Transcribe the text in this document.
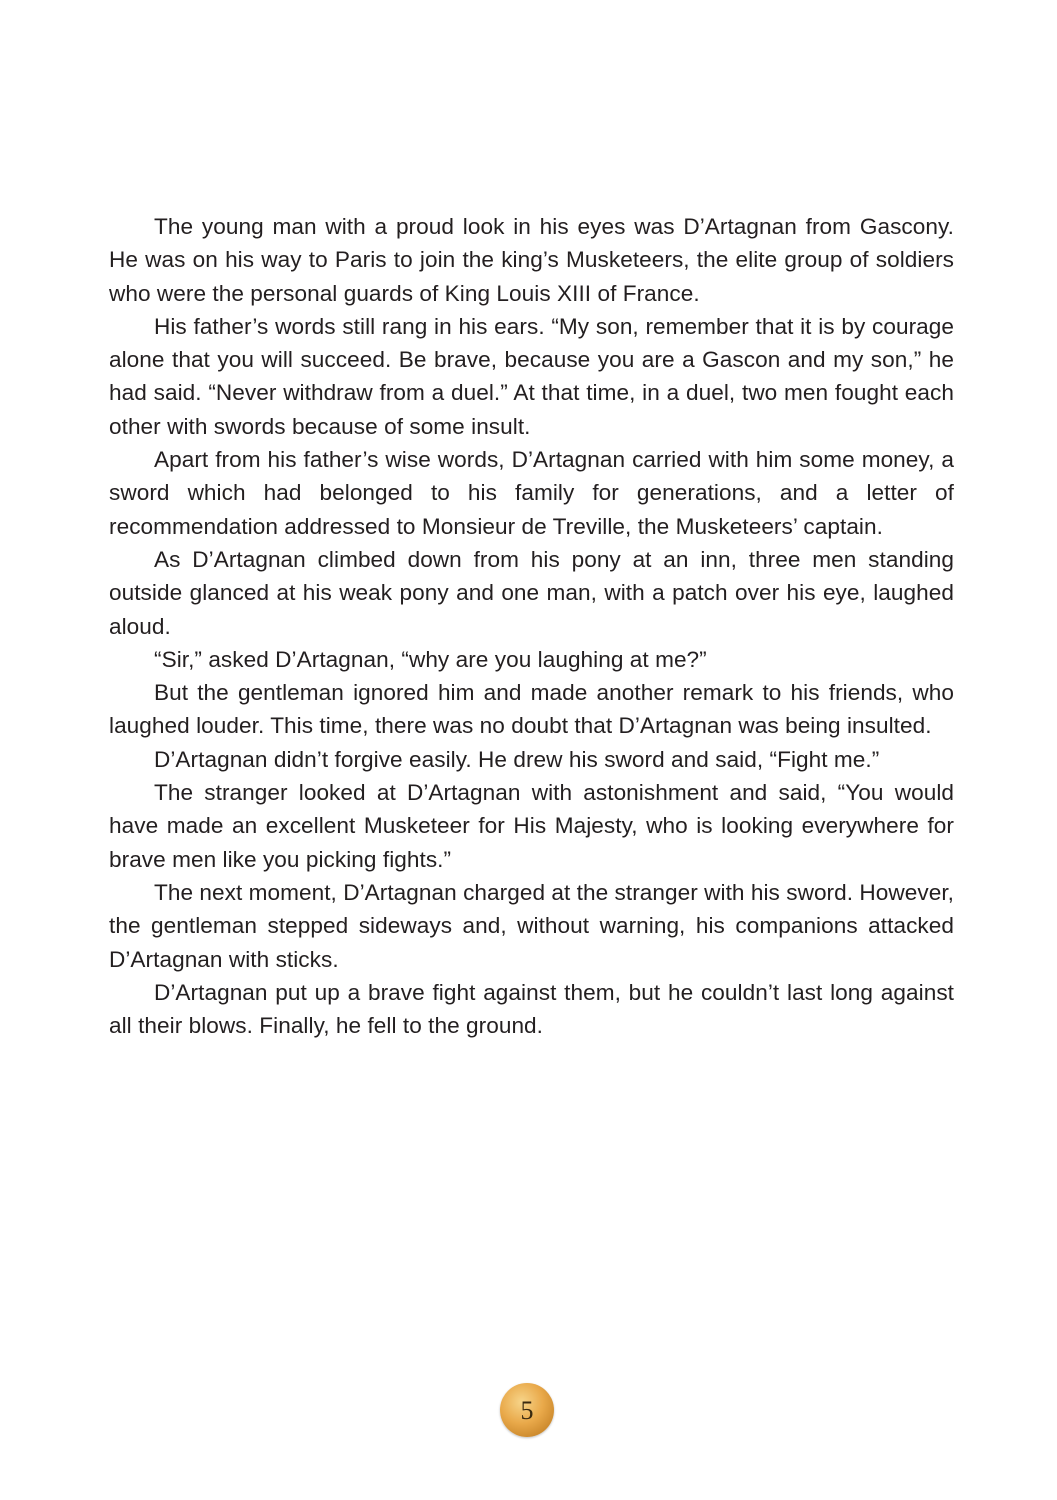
The young man with a proud look in his eyes was D’Artagnan from Gascony. He was on his way to Paris to join the king’s Musketeers, the elite group of soldiers who were the personal guards of King Louis XIII of France.

His father’s words still rang in his ears. “My son, remember that it is by courage alone that you will succeed. Be brave, because you are a Gascon and my son,” he had said. “Never withdraw from a duel.” At that time, in a duel, two men fought each other with swords because of some insult.

Apart from his father’s wise words, D’Artagnan carried with him some money, a sword which had belonged to his family for generations, and a letter of recommendation addressed to Monsieur de Treville, the Musketeers’ captain.

As D’Artagnan climbed down from his pony at an inn, three men standing outside glanced at his weak pony and one man, with a patch over his eye, laughed aloud.

“Sir,” asked D’Artagnan, “why are you laughing at me?”

But the gentleman ignored him and made another remark to his friends, who laughed louder. This time, there was no doubt that D’Artagnan was being insulted.

D’Artagnan didn’t forgive easily. He drew his sword and said, “Fight me.”

The stranger looked at D’Artagnan with astonishment and said, “You would have made an excellent Musketeer for His Majesty, who is looking everywhere for brave men like you picking fights.”

The next moment, D’Artagnan charged at the stranger with his sword. However, the gentleman stepped sideways and, without warning, his companions attacked D’Artagnan with sticks.

D’Artagnan put up a brave fight against them, but he couldn’t last long against all their blows. Finally, he fell to the ground.

5
